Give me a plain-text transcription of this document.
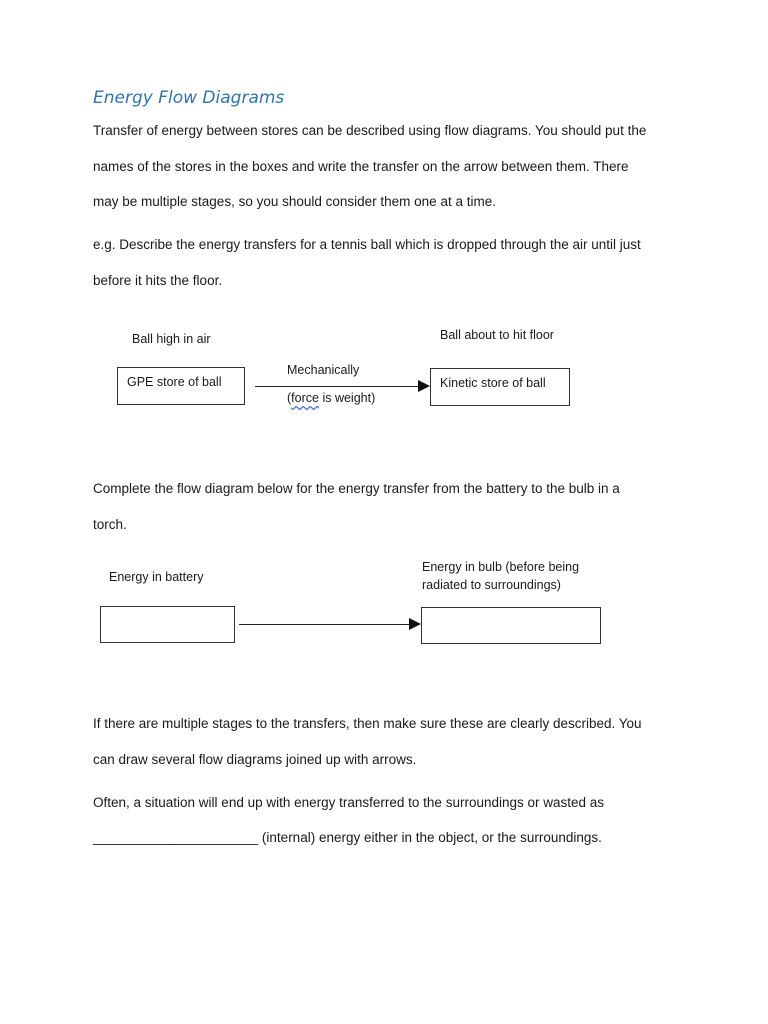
Energy Flow Diagrams
Transfer of energy between stores can be described using flow diagrams. You should put the
names of the stores in the boxes and write the transfer on the arrow between them. There
may be multiple stages, so you should consider them one at a time.
e.g. Describe the energy transfers for a tennis ball which is dropped through the air until just
before it hits the floor.
Ball high in air	Ball about to hit floor
GPE store of ball
Mechanically
(force is weight)
Kinetic store of ball
Complete the flow diagram below for the energy transfer from the battery to the bulb in a
torch.
Energy in battery
Energy in bulb (before being
radiated to surroundings)
If there are multiple stages to the transfers, then make sure these are clearly described. You
can draw several flow diagrams joined up with arrows.
Often, a situation will end up with energy transferred to the surroundings or wasted as
______________________ (internal) energy either in the object, or the surroundings.
